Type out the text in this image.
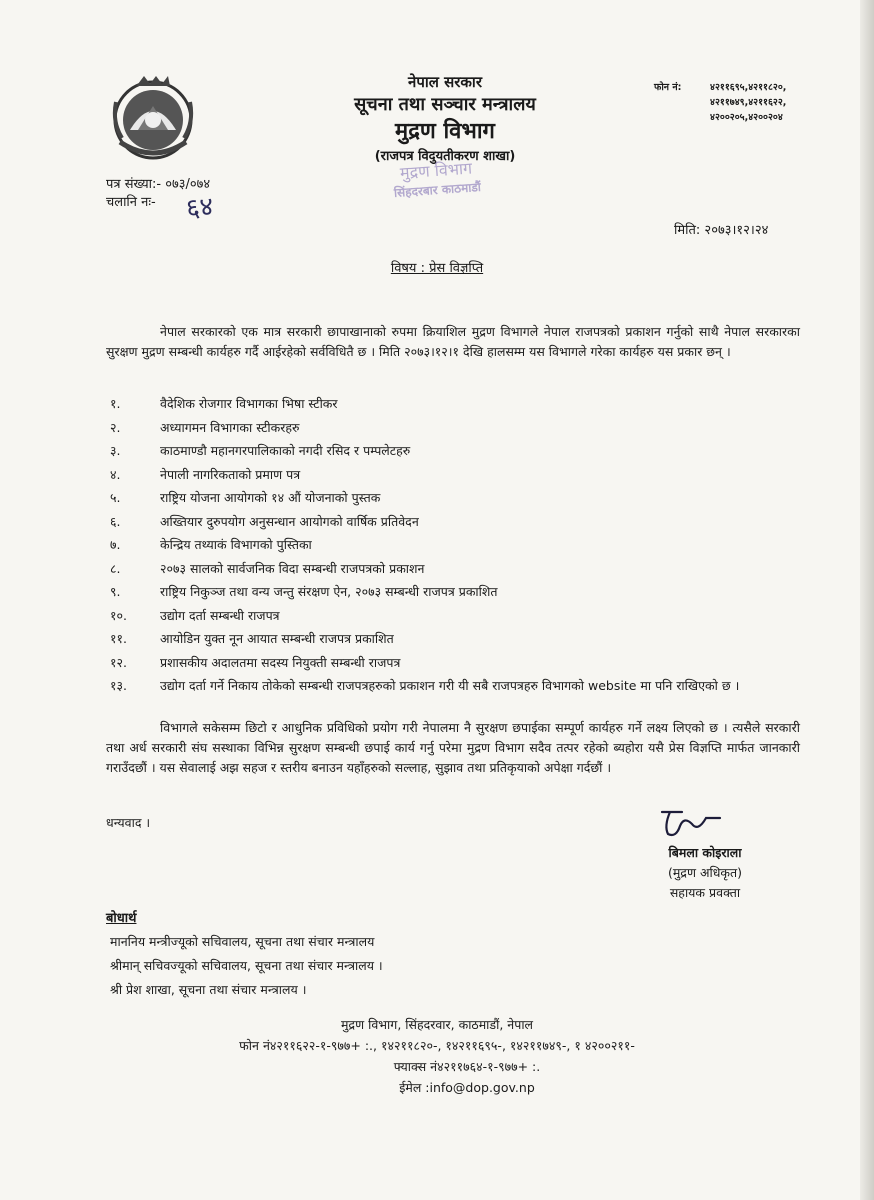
नेपाल सरकार
सूचना तथा सञ्चार मन्त्रालय
मुद्रण विभाग
(राजपत्र विदुयतीकरण शाखा)
मुद्रण विभाग
सिंहदरबार काठमाडौं
फोन नं:	४२११६९५,४२११८२०,
४२११७४९,४२११६२२,
४२००२०५,४२००२०४
पत्र संख्या:- ०७३/०७४
चलानि नः-	६४
मिति: २०७३।१२।२४
विषय : प्रेस विज्ञप्ति
नेपाल सरकारको एक मात्र सरकारी छापाखानाको रुपमा क्रियाशिल मुद्रण विभागले नेपाल राजपत्रको प्रकाशन गर्नुको साथै नेपाल सरकारका सुरक्षण मुद्रण सम्बन्धी कार्यहरु गर्दै आईरहेको सर्वविधितै छ । मिति २०७३।१२।१ देखि हालसम्म यस विभागले गरेका कार्यहरु यस प्रकार छन् ।
१.	वैदेशिक रोजगार विभागका भिषा स्टीकर
२.	अध्यागमन विभागका स्टीकरहरु
३.	काठमाण्डौ महानगरपालिकाको नगदी रसिद र पम्पलेटहरु
४.	नेपाली नागरिकताको प्रमाण पत्र
५.	राष्ट्रिय योजना आयोगको १४ औं योजनाको पुस्तक
६.	अख्तियार दुरुपयोग अनुसन्धान आयोगको वार्षिक प्रतिवेदन
७.	केन्द्रिय तथ्याकं विभागको पुस्तिका
८.	२०७३ सालको सार्वजनिक विदा सम्बन्धी राजपत्रको प्रकाशन
९.	राष्ट्रिय निकुञ्ज तथा वन्य जन्तु संरक्षण ऐन, २०७३ सम्बन्धी राजपत्र प्रकाशित
१०.	उद्योग दर्ता सम्बन्धी राजपत्र
११.	आयोडिन युक्त नून आयात सम्बन्धी राजपत्र प्रकाशित
१२.	प्रशासकीय अदालतमा सदस्य नियुक्ती सम्बन्धी राजपत्र
१३.	उद्योग दर्ता गर्ने निकाय तोकेको सम्बन्धी राजपत्रहरुको प्रकाशन गरी यी सबै राजपत्रहरु विभागको website मा पनि राखिएको छ ।
विभागले सकेसम्म छिटो र आधुनिक प्रविधिको प्रयोग गरी नेपालमा नै सुरक्षण छपाईका सम्पूर्ण कार्यहरु गर्ने लक्ष्य लिएको छ । त्यसैले सरकारी तथा अर्ध सरकारी संघ सस्थाका विभिन्न सुरक्षण सम्बन्धी छपाई कार्य गर्नु परेमा मुद्रण विभाग सदैव तत्पर रहेको ब्यहोरा यसै प्रेस विज्ञप्ति मार्फत जानकारी गराउँदछौं । यस सेवालाई अझ सहज र स्तरीय बनाउन यहाँहरुको सल्लाह, सुझाव तथा प्रतिकृयाको अपेक्षा गर्दछौं ।
धन्यवाद ।
बिमला कोइराला
(मुद्रण अधिकृत)
सहायक प्रवक्ता
बोधार्थ
माननिय मन्त्रीज्यूको सचिवालय, सूचना तथा संचार मन्त्रालय
श्रीमान् सचिवज्यूको सचिवालय, सूचना तथा संचार मन्त्रालय ।
श्री प्रेश शाखा, सूचना तथा संचार मन्त्रालय ।
मुद्रण विभाग, सिंहदरवार, काठमाडौं, नेपाल
फोन नं४२११६२२-१-९७७+ :., १४२११८२०-, १४२११६९५-, १४२११७४९-, १ ४२००२११-
फ्याक्स नं४२११७६४-१-९७७+ :.
ईमेल :info@dop.gov.np
